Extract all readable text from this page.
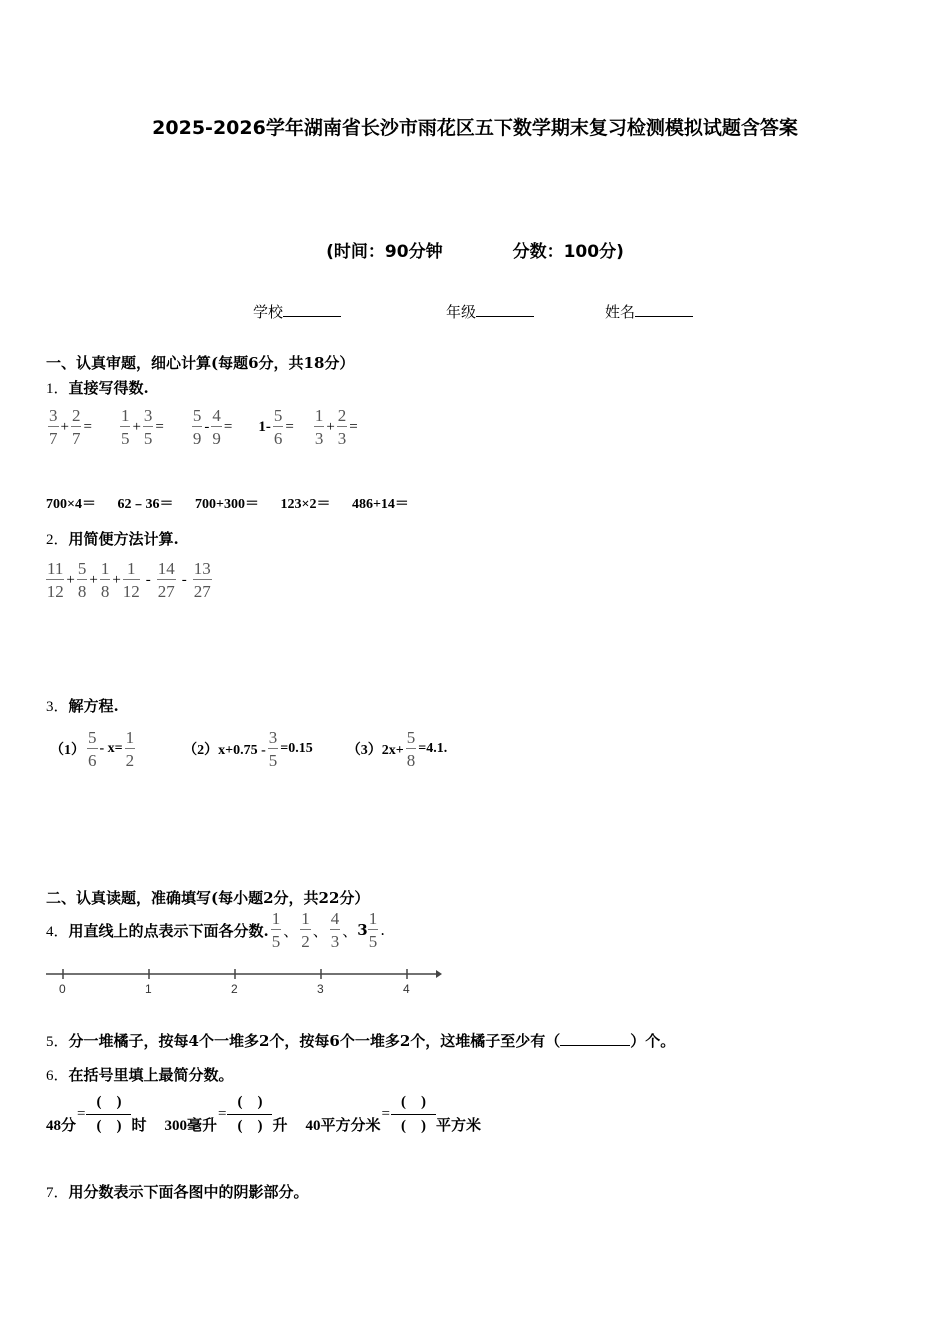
2025-2026学年湖南省长沙市雨花区五下数学期末复习检测模拟试题含答案
(时间：90分钟	分数：100分)
学校	年级	姓名
一、认真审题，细心计算(每题6分，共18分）
1．直接写得数.
$\frac{3}{7} + \frac{2}{7} = \frac{1}{5} + \frac{3}{5} = \frac{5}{9} - \frac{4}{9} = 1- \frac{5}{6} = \frac{1}{3} + \frac{2}{3}$ =
700×4＝ 62﹣36＝ 700+300＝ 123×2＝ 486+14＝
2．用简便方法计算.
$\frac{11}{12} + \frac{5}{8} + \frac{1}{8} + \frac{1}{12} - \frac{14}{27} - \frac{13}{27}$
3．解方程.
$(1) \frac{5}{6} - x= \frac{1}{2}$	$(2)x+0.75 - \frac{3}{5} =0.15$ $(3)2x+ \frac{5}{8} =4.1$.
二、认真读题，准确填写(每小题2分，共22分）
4． 用直线上的点表示下面各分数. $\frac{1}{5}$ 、 $\frac{1}{2}$ 、 $\frac{4}{3}$ 、 $3 \frac{1}{5}$ .
0	1	2	3	4
5．分一堆橘子，按每4个一堆多2个，按每6个一堆多2个，这堆橘子至少有（	）个。
6．在括号里填上最简分数。
48分
=
(　)
(　) 时 300毫升
=
(　)
(　) 升 40平方分米
=
(　)
(　) 平方米
7．用分数表示下面各图中的阴影部分。
